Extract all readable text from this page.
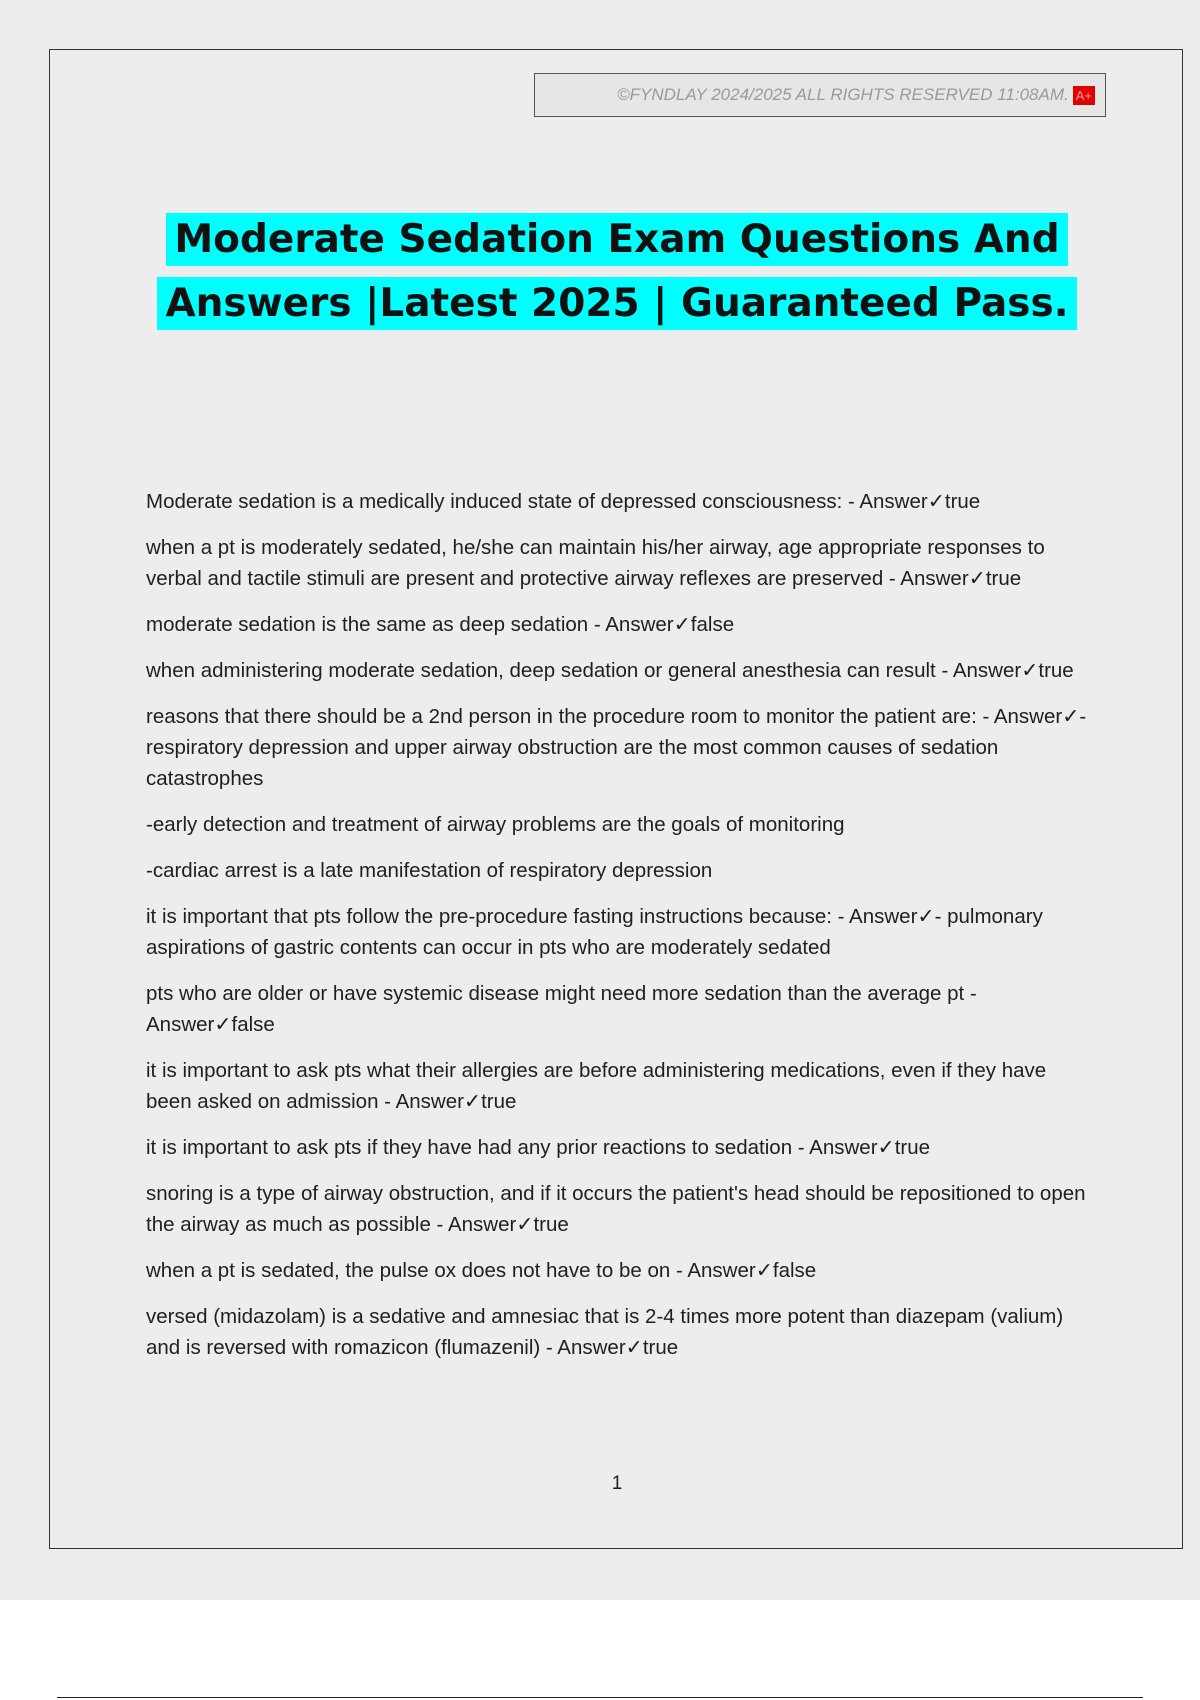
©FYNDLAY 2024/2025 ALL RIGHTS RESERVED 11:08AM. A+
Moderate Sedation Exam Questions And
Answers |Latest 2025 | Guaranteed Pass.
Moderate sedation is a medically induced state of depressed consciousness: - Answer✓true
when a pt is moderately sedated, he/she can maintain his/her airway, age appropriate responses to verbal and tactile stimuli are present and protective airway reflexes are preserved - Answer✓true
moderate sedation is the same as deep sedation - Answer✓false
when administering moderate sedation, deep sedation or general anesthesia can result - Answer✓true
reasons that there should be a 2nd person in the procedure room to monitor the patient are: - Answer✓-respiratory depression and upper airway obstruction are the most common causes of sedation catastrophes
-early detection and treatment of airway problems are the goals of monitoring
-cardiac arrest is a late manifestation of respiratory depression
it is important that pts follow the pre-procedure fasting instructions because: - Answer✓- pulmonary aspirations of gastric contents can occur in pts who are moderately sedated
pts who are older or have systemic disease might need more sedation than the average pt - Answer✓false
it is important to ask pts what their allergies are before administering medications, even if they have been asked on admission - Answer✓true
it is important to ask pts if they have had any prior reactions to sedation - Answer✓true
snoring is a type of airway obstruction, and if it occurs the patient's head should be repositioned to open the airway as much as possible - Answer✓true
when a pt is sedated, the pulse ox does not have to be on - Answer✓false
versed (midazolam) is a sedative and amnesiac that is 2-4 times more potent than diazepam (valium) and is reversed with romazicon (flumazenil) - Answer✓true
1
